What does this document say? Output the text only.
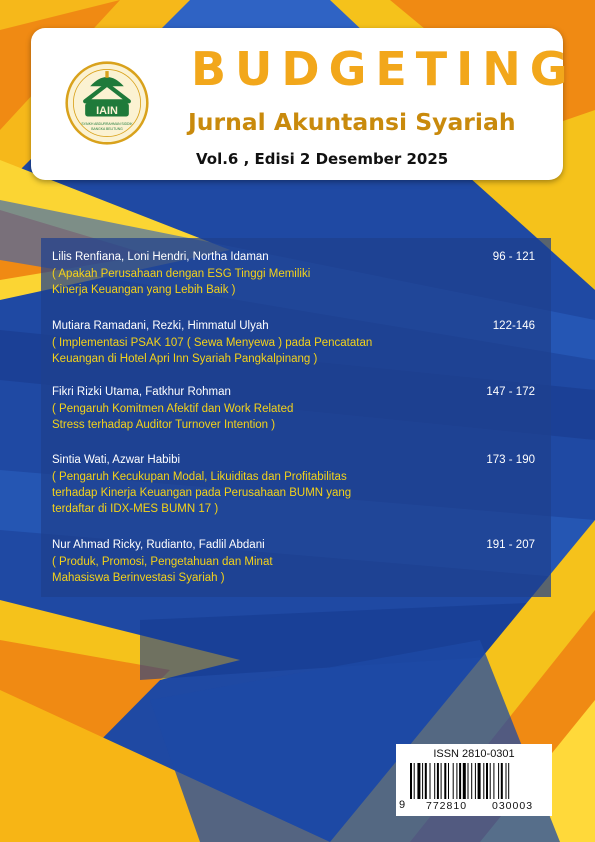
IAIN
SYAIKH ABDURRAHMAN SIDDIK
BANGKA BELITUNG
BUDGETING
Jurnal Akuntansi Syariah
Vol.6 , Edisi 2 Desember 2025
Lilis Renfiana, Loni Hendri, Northa Idaman
( Apakah Perusahaan dengan ESG Tinggi Memiliki
Kinerja Keuangan yang Lebih Baik )
96 - 121
Mutiara Ramadani, Rezki, Himmatul Ulyah
( Implementasi PSAK 107 ( Sewa Menyewa ) pada Pencatatan
Keuangan di Hotel Apri Inn Syariah Pangkalpinang )
122-146
Fikri Rizki Utama, Fatkhur Rohman
( Pengaruh Komitmen Afektif dan Work Related
Stress terhadap Auditor Turnover Intention )
147 - 172
Sintia Wati, Azwar Habibi
( Pengaruh Kecukupan Modal, Likuiditas dan Profitabilitas
terhadap Kinerja Keuangan pada Perusahaan BUMN yang
terdaftar di IDX-MES BUMN 17 )
173 - 190
Nur Ahmad Ricky, Rudianto, Fadlil Abdani
( Produk, Promosi, Pengetahuan dan Minat
Mahasiswa Berinvestasi Syariah )
191 - 207
ISSN 2810-0301
9 772810 030003
